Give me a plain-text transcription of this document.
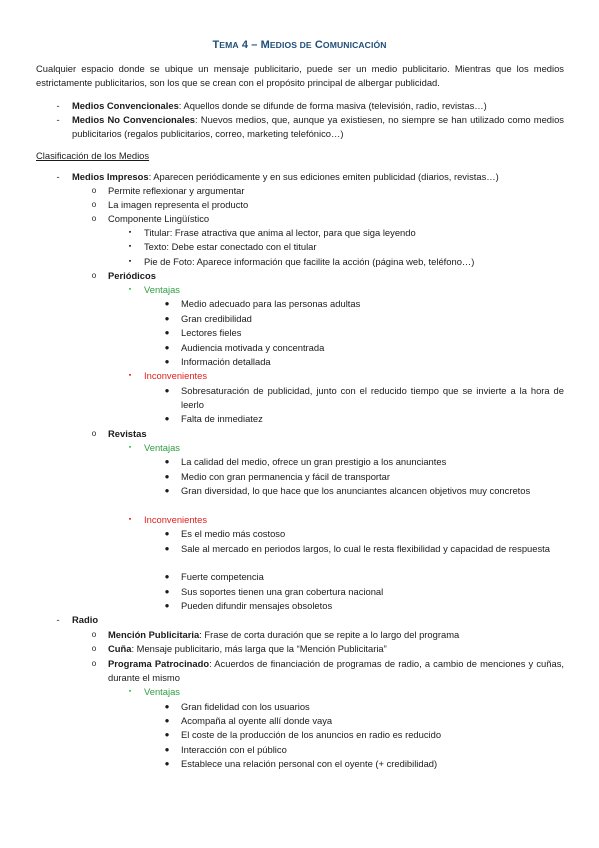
TEMA 4 – MEDIOS DE COMUNICACIÓN
Cualquier espacio donde se ubique un mensaje publicitario, puede ser un medio publicitario. Mientras que los medios estrictamente publicitarios, son los que se crean con el propósito principal de albergar publicidad.
-	Medios Convencionales: Aquellos donde se difunde de forma masiva (televisión, radio, revistas…)
-	Medios No Convencionales: Nuevos medios, que, aunque ya existiesen, no siempre se han utilizado como medios publicitarios (regalos publicitarios, correo, marketing telefónico…)
Clasificación de los Medios
-	Medios Impresos: Aparecen periódicamente y en sus ediciones emiten publicidad (diarios, revistas…)
o	Permite reflexionar y argumentar
o	La imagen representa el producto
o	Componente Lingüístico
▪	Titular: Frase atractiva que anima al lector, para que siga leyendo
▪	Texto: Debe estar conectado con el titular
▪	Pie de Foto: Aparece información que facilite la acción (página web, teléfono…)
o	Periódicos
▪	Ventajas
●	Medio adecuado para las personas adultas
●	Gran credibilidad
●	Lectores fieles
●	Audiencia motivada y concentrada
●	Información detallada
▪	Inconvenientes
●	Sobresaturación de publicidad, junto con el reducido tiempo que se invierte a la hora de leerlo
●	Falta de inmediatez
o	Revistas
▪	Ventajas
●	La calidad del medio, ofrece un gran prestigio a los anunciantes
●	Medio con gran permanencia y fácil de transportar
●	Gran diversidad, lo que hace que los anunciantes alcancen objetivos muy concretos
▪	Inconvenientes
●	Es el medio más costoso
●	Sale al mercado en periodos largos, lo cual le resta flexibilidad y capacidad de respuesta
●	Fuerte competencia
●	Sus soportes tienen una gran cobertura nacional
●	Pueden difundir mensajes obsoletos
-	Radio
o	Mención Publicitaria: Frase de corta duración que se repite a lo largo del programa
o	Cuña: Mensaje publicitario, más larga que la “Mención Publicitaria”
o	Programa Patrocinado: Acuerdos de financiación de programas de radio, a cambio de menciones y cuñas, durante el mismo
▪	Ventajas
●	Gran fidelidad con los usuarios
●	Acompaña al oyente allí donde vaya
●	El coste de la producción de los anuncios en radio es reducido
●	Interacción con el público
●	Establece una relación personal con el oyente (+ credibilidad)
